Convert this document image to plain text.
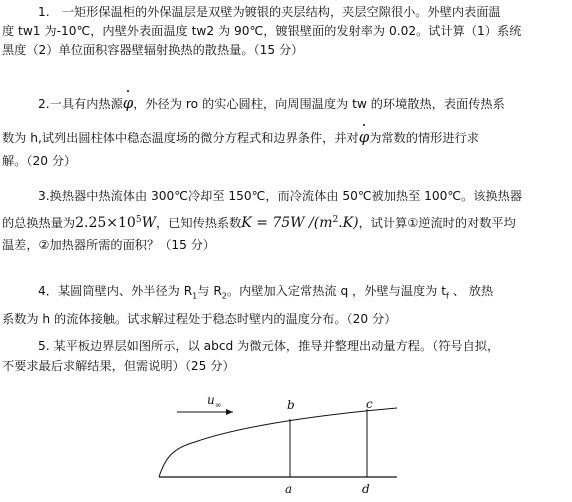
1.　一矩形保温柜的外保温层是双壁为镀银的夹层结构，夹层空隙很小。外壁内表面温
度 tw1 为-10℃，内壁外表面温度 tw2 为 90℃，镀银壁面的发射率为 0.02。试计算（1）系统
黑度（2）单位面积容器壁辐射换热的散热量。（15 分）
2.一具有内热源φ，外径为 ro 的实心圆柱，向周围温度为 tw 的环境散热，表面传热系
数为 h,试列出圆柱体中稳态温度场的微分方程式和边界条件，并对φ为常数的情形进行求
解。（20 分）
3.换热器中热流体由 300℃冷却至 150℃，而冷流体由 50℃被加热至 100℃。该换热器
的总换热量为$2.25\times 10^5W$，已知传热系数K = 75W $/(m^2.K)$，试计算①逆流时的对数平均
温差，②加热器所需的面积？（15 分）
4．某圆筒壁内、外半径为 $R_1$与 $R_2$。内壁加入定常热流 q ，外壁与温度为 $t_f$ 、 放热
系数为 h 的流体接触。试求解过程处于稳态时壁内的温度分布。（20 分）
5. 某平板边界层如图所示，以 abcd 为微元体，推导并整理出动量方程。（符号自拟，
不要求最后求解结果，但需说明）（25 分）
$u_\infty$	b	c
a	d
